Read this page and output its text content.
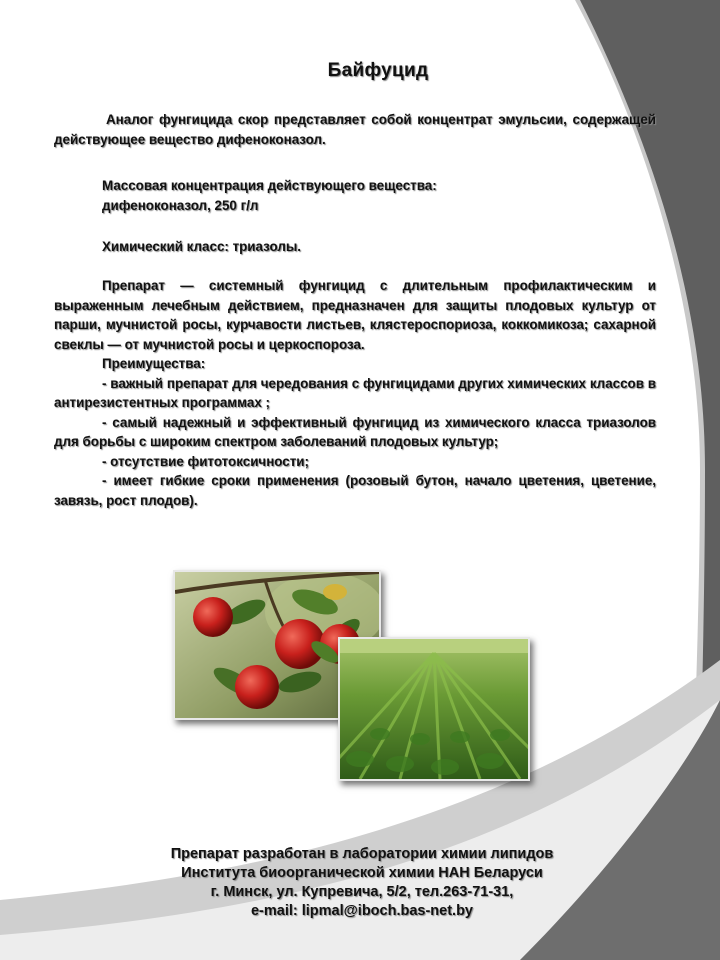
Байфуцид
Аналог фунгицида скор представляет собой концентрат эмульсии, содержащей действующее вещество дифеноконазол.
Массовая концентрация действующего вещества:
дифеноконазол, 250 г/л
Химический класс: триазолы.

Препарат — системный фунгицид с длительным профилактическим и выраженным лечебным действием, предназначен для защиты плодовых культур от парши, мучнистой росы, курчавости листьев, клястероспориоза, коккомикоза; сахарной свеклы — от мучнистой росы и церкоспороза.

Преимущества:

- важный препарат для чередования с фунгицидами других химических классов в антирезистентных программах ;

- самый надежный и эффективный фунгицид из химического класса триазолов для борьбы с широким спектром заболеваний плодовых культур;

- отсутствие фитотоксичности;

- имеет гибкие сроки применения (розовый бутон, начало цветения, цветение, завязь, рост плодов).

Препарат разработан в лаборатории химии липидов
Института биоорганической химии НАН Беларуси
г. Минск, ул. Купревича, 5/2, тел.263-71-31,
e-mail: lipmal@iboch.bas-net.by
